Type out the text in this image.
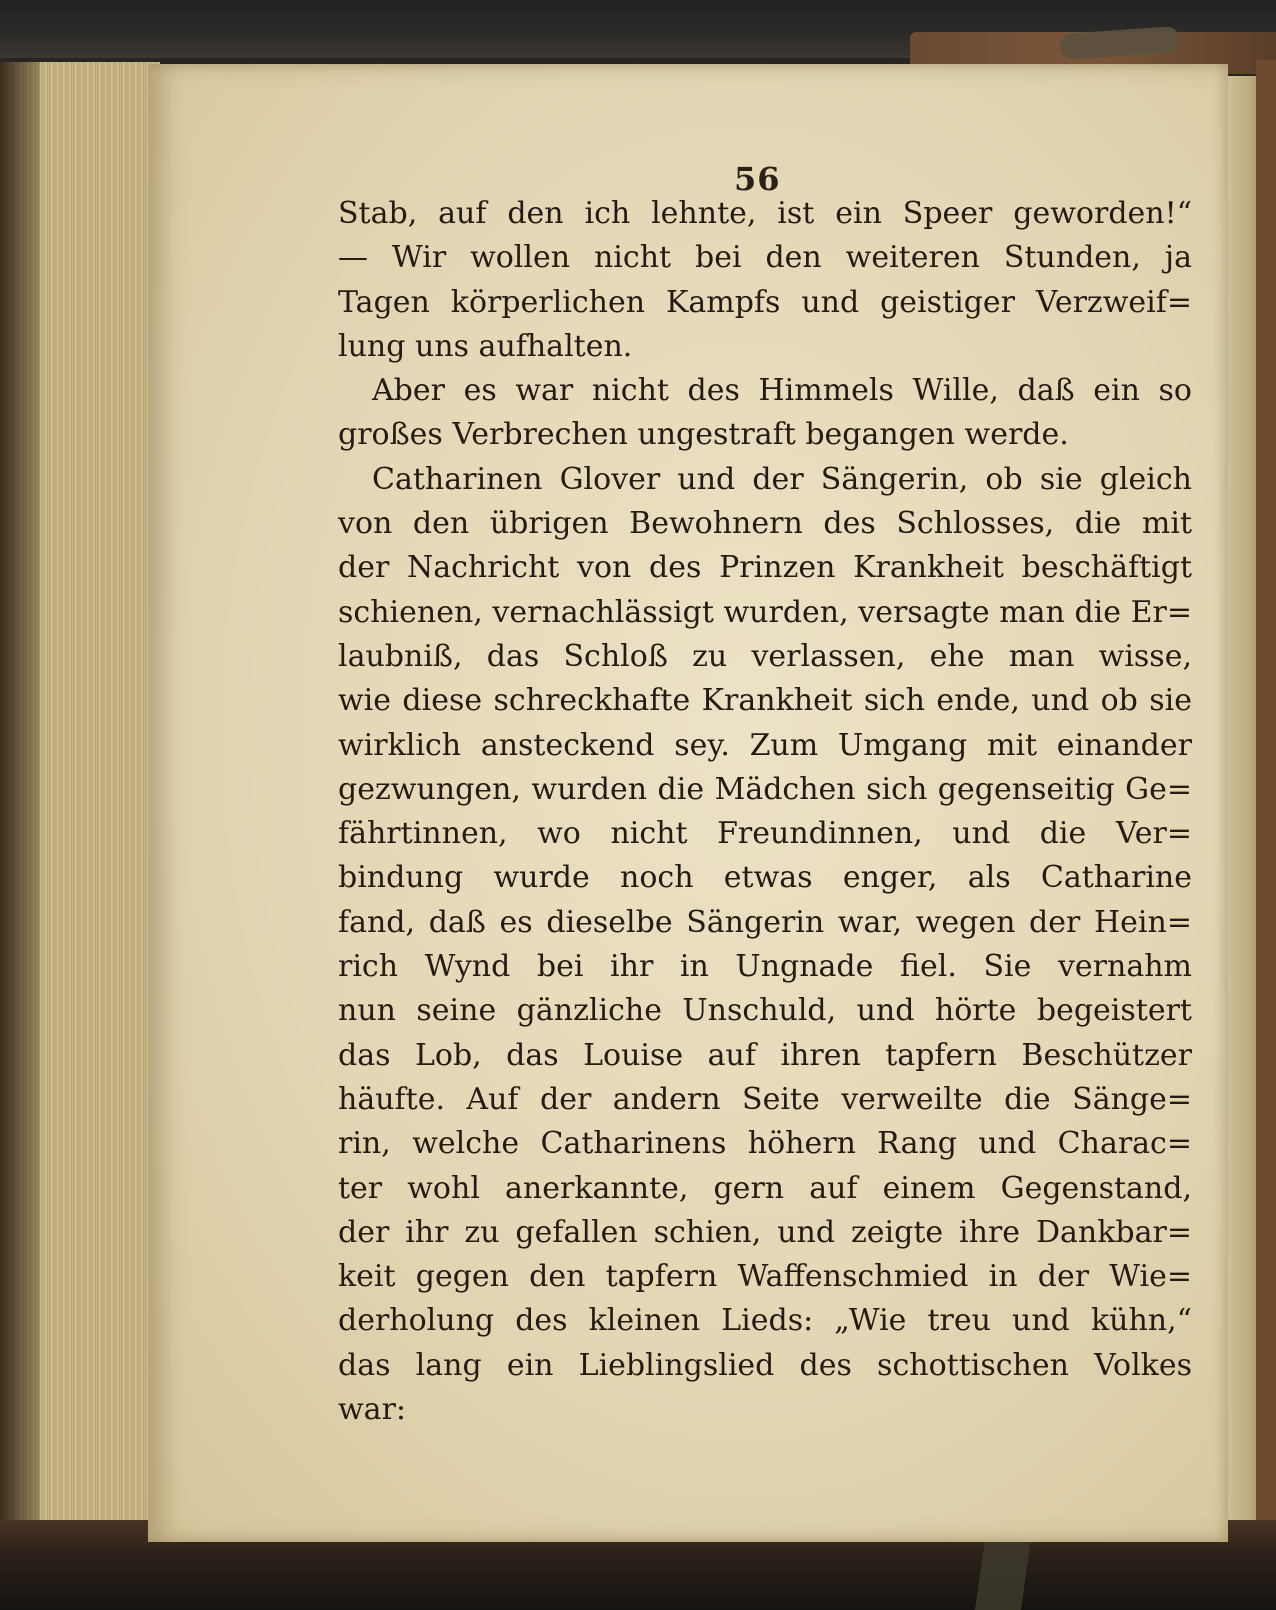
56
Stab, auf den ich lehnte, ist ein Speer geworden!“
— Wir wollen nicht bei den weiteren Stunden, ja
Tagen körperlichen Kampfs und geistiger Verzweif=
lung uns aufhalten.
Aber es war nicht des Himmels Wille, daß ein so
großes Verbrechen ungestraft begangen werde.
Catharinen Glover und der Sängerin, ob sie gleich
von den übrigen Bewohnern des Schlosses, die mit
der Nachricht von des Prinzen Krankheit beschäftigt
schienen, vernachlässigt wurden, versagte man die Er=
laubniß, das Schloß zu verlassen, ehe man wisse,
wie diese schreckhafte Krankheit sich ende, und ob sie
wirklich ansteckend sey. Zum Umgang mit einander
gezwungen, wurden die Mädchen sich gegenseitig Ge=
fährtinnen, wo nicht Freundinnen, und die Ver=
bindung wurde noch etwas enger, als Catharine
fand, daß es dieselbe Sängerin war, wegen der Hein=
rich Wynd bei ihr in Ungnade fiel. Sie vernahm
nun seine gänzliche Unschuld, und hörte begeistert
das Lob, das Louise auf ihren tapfern Beschützer
häufte. Auf der andern Seite verweilte die Sänge=
rin, welche Catharinens höhern Rang und Charac=
ter wohl anerkannte, gern auf einem Gegenstand,
der ihr zu gefallen schien, und zeigte ihre Dankbar=
keit gegen den tapfern Waffenschmied in der Wie=
derholung des kleinen Lieds: „Wie treu und kühn,“
das lang ein Lieblingslied des schottischen Volkes
war:
